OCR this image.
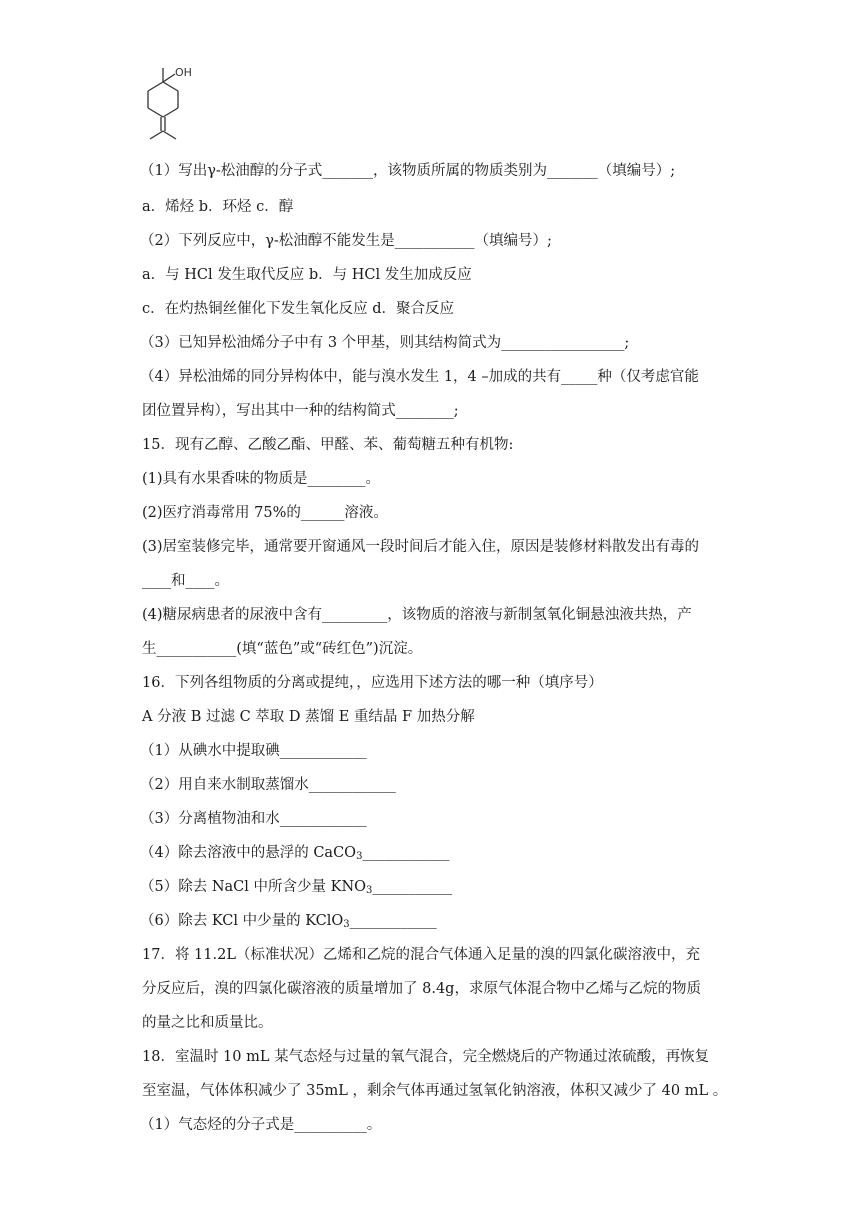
OH
（1）写出γ-松油醇的分子式_______，该物质所属的物质类别为_______（填编号）;
a．烯烃 b．环烃 c．醇
（2）下列反应中，γ-松油醇不能发生是___________（填编号）;
a．与 HCl 发生取代反应 b．与 HCl 发生加成反应
c．在灼热铜丝催化下发生氧化反应 d．聚合反应
（3）已知异松油烯分子中有 3 个甲基，则其结构简式为_________________;
（4）异松油烯的同分异构体中，能与溴水发生 1，4 –加成的共有_____种（仅考虑官能
团位置异构），写出其中一种的结构简式________;
15．现有乙醇、乙酸乙酯、甲醛、苯、葡萄糖五种有机物:
(1)具有水果香味的物质是________。
(2)医疗消毒常用 75%的______溶液。
(3)居室装修完毕，通常要开窗通风一段时间后才能入住，原因是装修材料散发出有毒的
____和____。
(4)糖尿病患者的尿液中含有_________，该物质的溶液与新制氢氧化铜悬浊液共热，产
生___________(填“蓝色”或“砖红色”)沉淀。
16．下列各组物质的分离或提纯，，应选用下述方法的哪一种（填序号）
A 分液 B 过滤 C 萃取 D 蒸馏 E 重结晶 F 加热分解
（1）从碘水中提取碘____________
（2）用自来水制取蒸馏水____________
（3）分离植物油和水____________
（4）除去溶液中的悬浮的 CaCO$_3$____________
（5）除去 NaCl 中所含少量 $KNO_3\_\_\_\_\_\_\_\_\_\_\_$
（6）除去 KCl 中少量的 KClO$_3$____________
17．将 11.2L（标准状况）乙烯和乙烷的混合气体通入足量的溴的四氯化碳溶液中，充
分反应后，溴的四氯化碳溶液的质量增加了 8.4g，求原气体混合物中乙烯与乙烷的物质
的量之比和质量比。
18．室温时 10 mL 某气态烃与过量的氧气混合，完全燃烧后的产物通过浓硫酸，再恢复
至室温，气体体积减少了 35mL ，剩余气体再通过氢氧化钠溶液，体积又减少了 40 mL 。
（1）气态烃的分子式是__________。
